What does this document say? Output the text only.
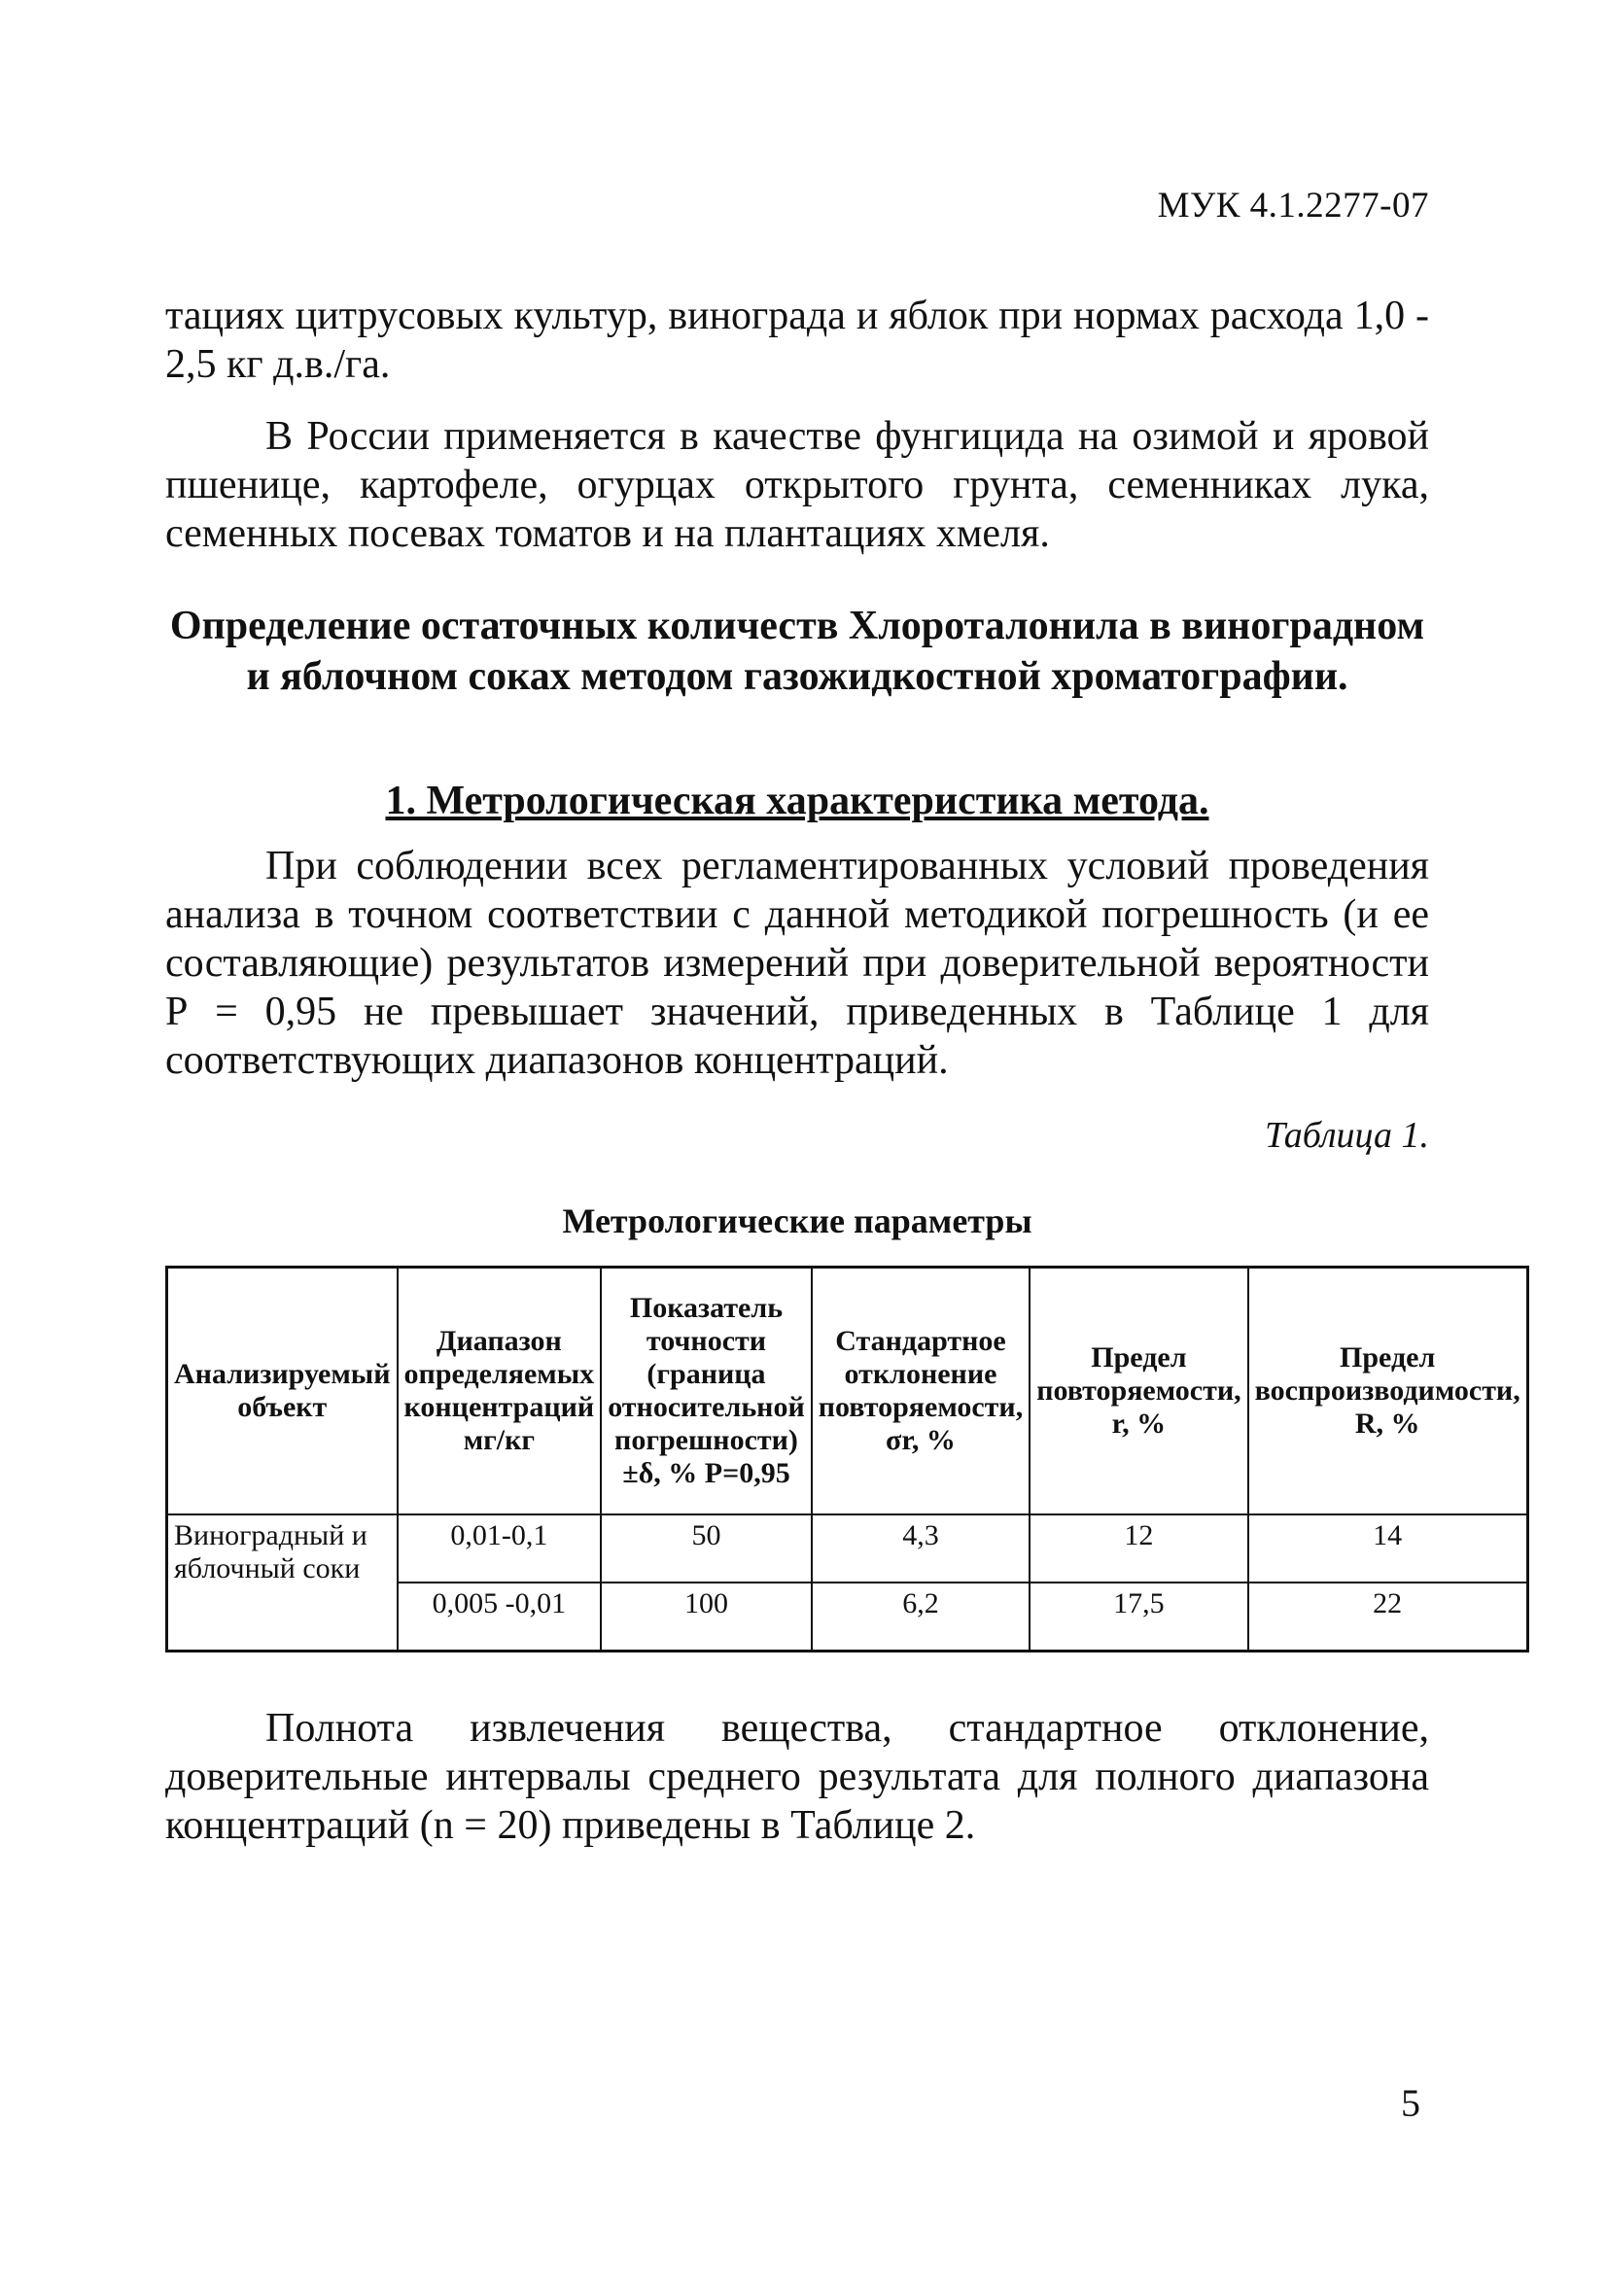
МУК 4.1.2277-07
тациях цитрусовых культур, винограда и яблок при нормах расхода 1,0 - 2,5 кг д.в./га.
В России применяется в качестве фунгицида на озимой и яровой пшенице, картофеле, огурцах открытого грунта, семенниках лука, семенных посевах томатов и на плантациях хмеля.
Определение остаточных количеств Хлороталонила в виноградном и яблочном соках методом газожидкостной хроматографии.
1. Метрологическая характеристика метода.
При соблюдении всех регламентированных условий проведения анализа в точном соответствии с данной методикой погрешность (и ее составляющие) результатов измерений при доверительной вероятности Р = 0,95 не превышает значений, приведенных в Таблице 1 для соответствующих диапазонов концентраций.
Таблица 1.
Метрологические параметры
Анализируемый объект	Диапазон определяемых концентраций мг/кг	Показатель точности (граница относительной погрешности) ±δ, % Р=0,95	Стандартное отклонение повторяемости, σr, %	Предел повторяемости, r, %	Предел воспроизводимости, R, %
Виноградный и яблочный соки	0,01-0,1	50	4,3	12	14
	0,005 -0,01	100	6,2	17,5	22
Полнота извлечения вещества, стандартное отклонение, доверительные интервалы среднего результата для полного диапазона концентраций (n = 20) приведены в Таблице 2.
5
